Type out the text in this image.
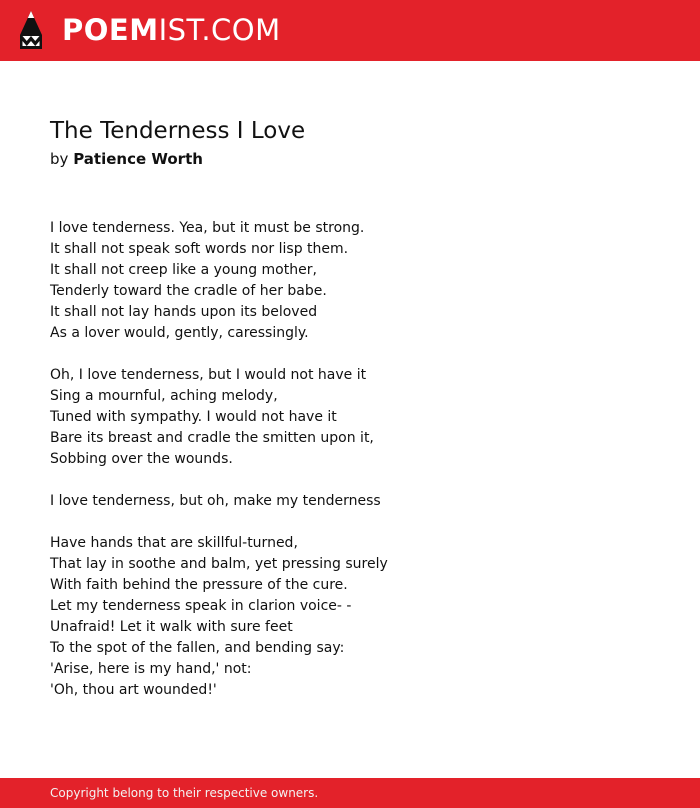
POEMIST.COM
The Tenderness I Love
by Patience Worth
I love tenderness. Yea, but it must be strong.
It shall not speak soft words nor lisp them.
It shall not creep like a young mother,
Tenderly toward the cradle of her babe.
It shall not lay hands upon its beloved
As a lover would, gently, caressingly.
Oh, I love tenderness, but I would not have it
Sing a mournful, aching melody,
Tuned with sympathy. I would not have it
Bare its breast and cradle the smitten upon it,
Sobbing over the wounds.
I love tenderness, but oh, make my tenderness
Have hands that are skillful-turned,
That lay in soothe and balm, yet pressing surely
With faith behind the pressure of the cure.
Let my tenderness speak in clarion voice- -
Unafraid! Let it walk with sure feet
To the spot of the fallen, and bending say:
'Arise, here is my hand,' not:
'Oh, thou art wounded!'
Copyright belong to their respective owners.
